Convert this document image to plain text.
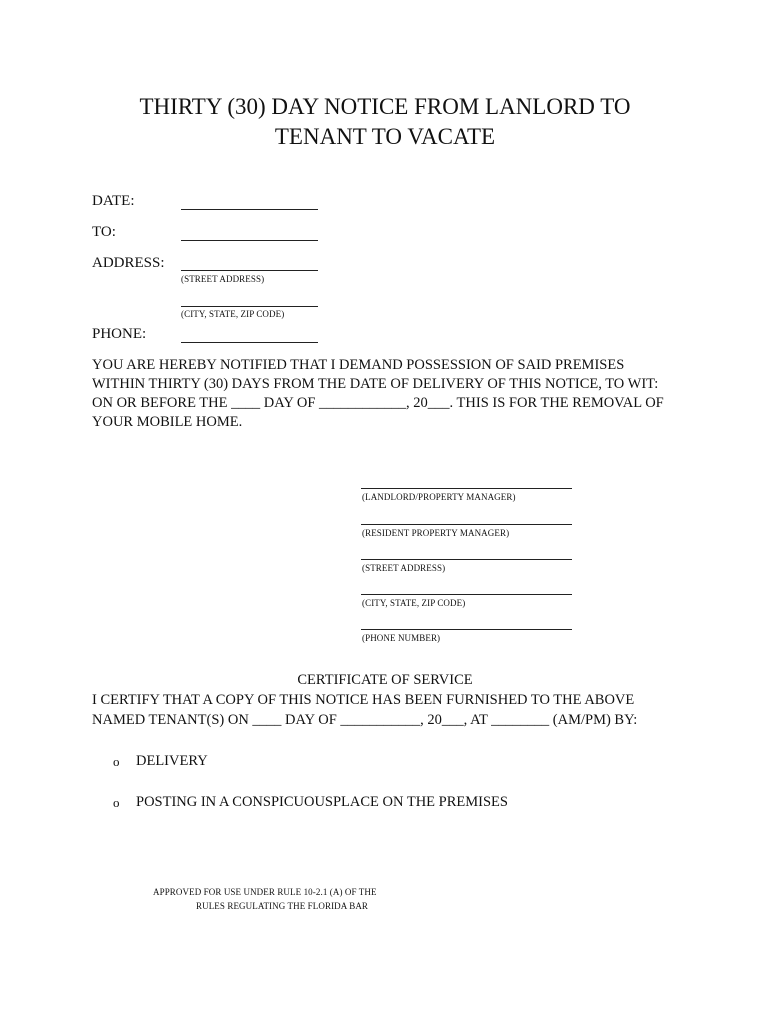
THIRTY (30) DAY NOTICE FROM LANLORD TO
TENANT TO VACATE
DATE:
TO:
ADDRESS:
(STREET ADDRESS)
(CITY, STATE, ZIP CODE)
PHONE:
YOU ARE HEREBY NOTIFIED THAT I DEMAND POSSESSION OF SAID PREMISES
WITHIN THIRTY (30) DAYS FROM THE DATE OF DELIVERY OF THIS NOTICE, TO WIT:
ON OR BEFORE THE ____ DAY OF ____________, 20___. THIS IS FOR THE REMOVAL OF
YOUR MOBILE HOME.
(LANDLORD/PROPERTY MANAGER)
(RESIDENT PROPERTY MANAGER)
(STREET ADDRESS)
(CITY, STATE, ZIP CODE)
(PHONE NUMBER)
CERTIFICATE OF SERVICE
I CERTIFY THAT A COPY OF THIS NOTICE HAS BEEN FURNISHED TO THE ABOVE
NAMED TENANT(S) ON ____ DAY OF ___________, 20___, AT ________ (AM/PM) BY:
o DELIVERY
o POSTING IN A CONSPICUOUSPLACE ON THE PREMISES
APPROVED FOR USE UNDER RULE 10-2.1 (A) OF THE
RULES REGULATING THE FLORIDA BAR
